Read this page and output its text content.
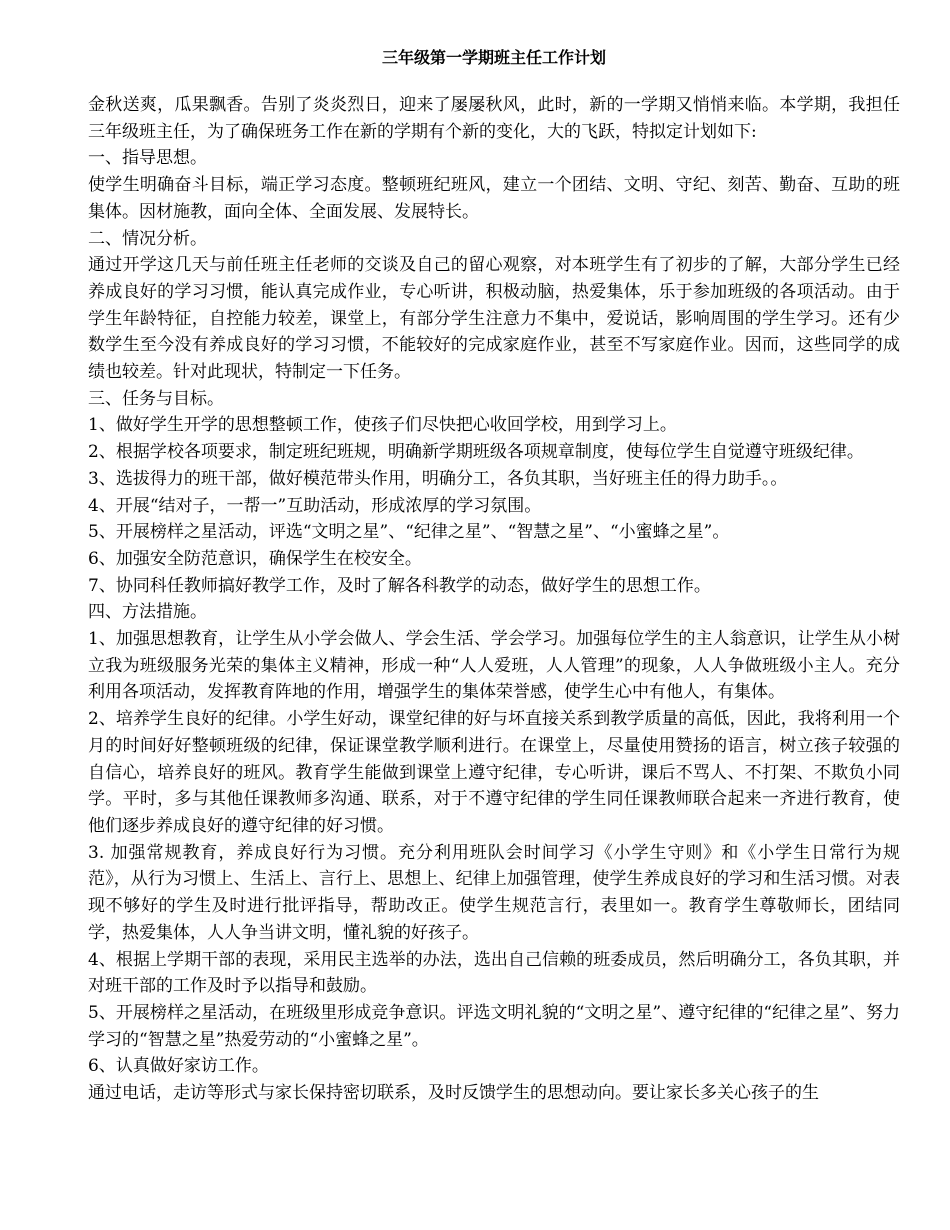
三年级第一学期班主任工作计划

金秋送爽，瓜果飘香。告别了炎炎烈日，迎来了屡屡秋风，此时，新的一学期又悄悄来临。本学期，我担任三年级班主任，为了确保班务工作在新的学期有个新的变化，大的飞跃，特拟定计划如下:

一、指导思想。

使学生明确奋斗目标，端正学习态度。整顿班纪班风，建立一个团结、文明、守纪、刻苦、勤奋、互助的班集体。因材施教，面向全体、全面发展、发展特长。

二、情况分析。

通过开学这几天与前任班主任老师的交谈及自己的留心观察，对本班学生有了初步的了解，大部分学生已经养成良好的学习习惯，能认真完成作业，专心听讲，积极动脑，热爱集体，乐于参加班级的各项活动。由于学生年龄特征，自控能力较差，课堂上，有部分学生注意力不集中，爱说话，影响周围的学生学习。还有少数学生至今没有养成良好的学习习惯，不能较好的完成家庭作业，甚至不写家庭作业。因而，这些同学的成绩也较差。针对此现状，特制定一下任务。

三、任务与目标。

1、做好学生开学的思想整顿工作，使孩子们尽快把心收回学校，用到学习上。

2、根据学校各项要求，制定班纪班规，明确新学期班级各项规章制度，使每位学生自觉遵守班级纪律。

3、选拔得力的班干部，做好模范带头作用，明确分工，各负其职，当好班主任的得力助手。。

4、开展“结对子，一帮一”互助活动，形成浓厚的学习氛围。

5、开展榜样之星活动，评选“文明之星”、“纪律之星”、“智慧之星”、“小蜜蜂之星”。

6、加强安全防范意识，确保学生在校安全。

7、协同科任教师搞好教学工作，及时了解各科教学的动态，做好学生的思想工作。

四、方法措施。

1、加强思想教育，让学生从小学会做人、学会生活、学会学习。加强每位学生的主人翁意识，让学生从小树立我为班级服务光荣的集体主义精神，形成一种“人人爱班，人人管理”的现象，人人争做班级小主人。充分利用各项活动，发挥教育阵地的作用，增强学生的集体荣誉感，使学生心中有他人，有集体。

2、培养学生良好的纪律。小学生好动，课堂纪律的好与坏直接关系到教学质量的高低，因此，我将利用一个月的时间好好整顿班级的纪律，保证课堂教学顺利进行。在课堂上，尽量使用赞扬的语言，树立孩子较强的自信心，培养良好的班风。教育学生能做到课堂上遵守纪律，专心听讲，课后不骂人、不打架、不欺负小同学。平时，多与其他任课教师多沟通、联系，对于不遵守纪律的学生同任课教师联合起来一齐进行教育，使他们逐步养成良好的遵守纪律的好习惯。

3. 加强常规教育，养成良好行为习惯。充分利用班队会时间学习《小学生守则》和《小学生日常行为规范》，从行为习惯上、生活上、言行上、思想上、纪律上加强管理，使学生养成良好的学习和生活习惯。对表现不够好的学生及时进行批评指导，帮助改正。使学生规范言行，表里如一。教育学生尊敬师长，团结同学，热爱集体，人人争当讲文明，懂礼貌的好孩子。

4、根据上学期干部的表现，采用民主选举的办法，选出自己信赖的班委成员，然后明确分工，各负其职，并对班干部的工作及时予以指导和鼓励。

5、开展榜样之星活动，在班级里形成竞争意识。评选文明礼貌的“文明之星”、遵守纪律的“纪律之星”、努力学习的“智慧之星”热爱劳动的“小蜜蜂之星”。

6、认真做好家访工作。

通过电话，走访等形式与家长保持密切联系，及时反馈学生的思想动向。要让家长多关心孩子的生
